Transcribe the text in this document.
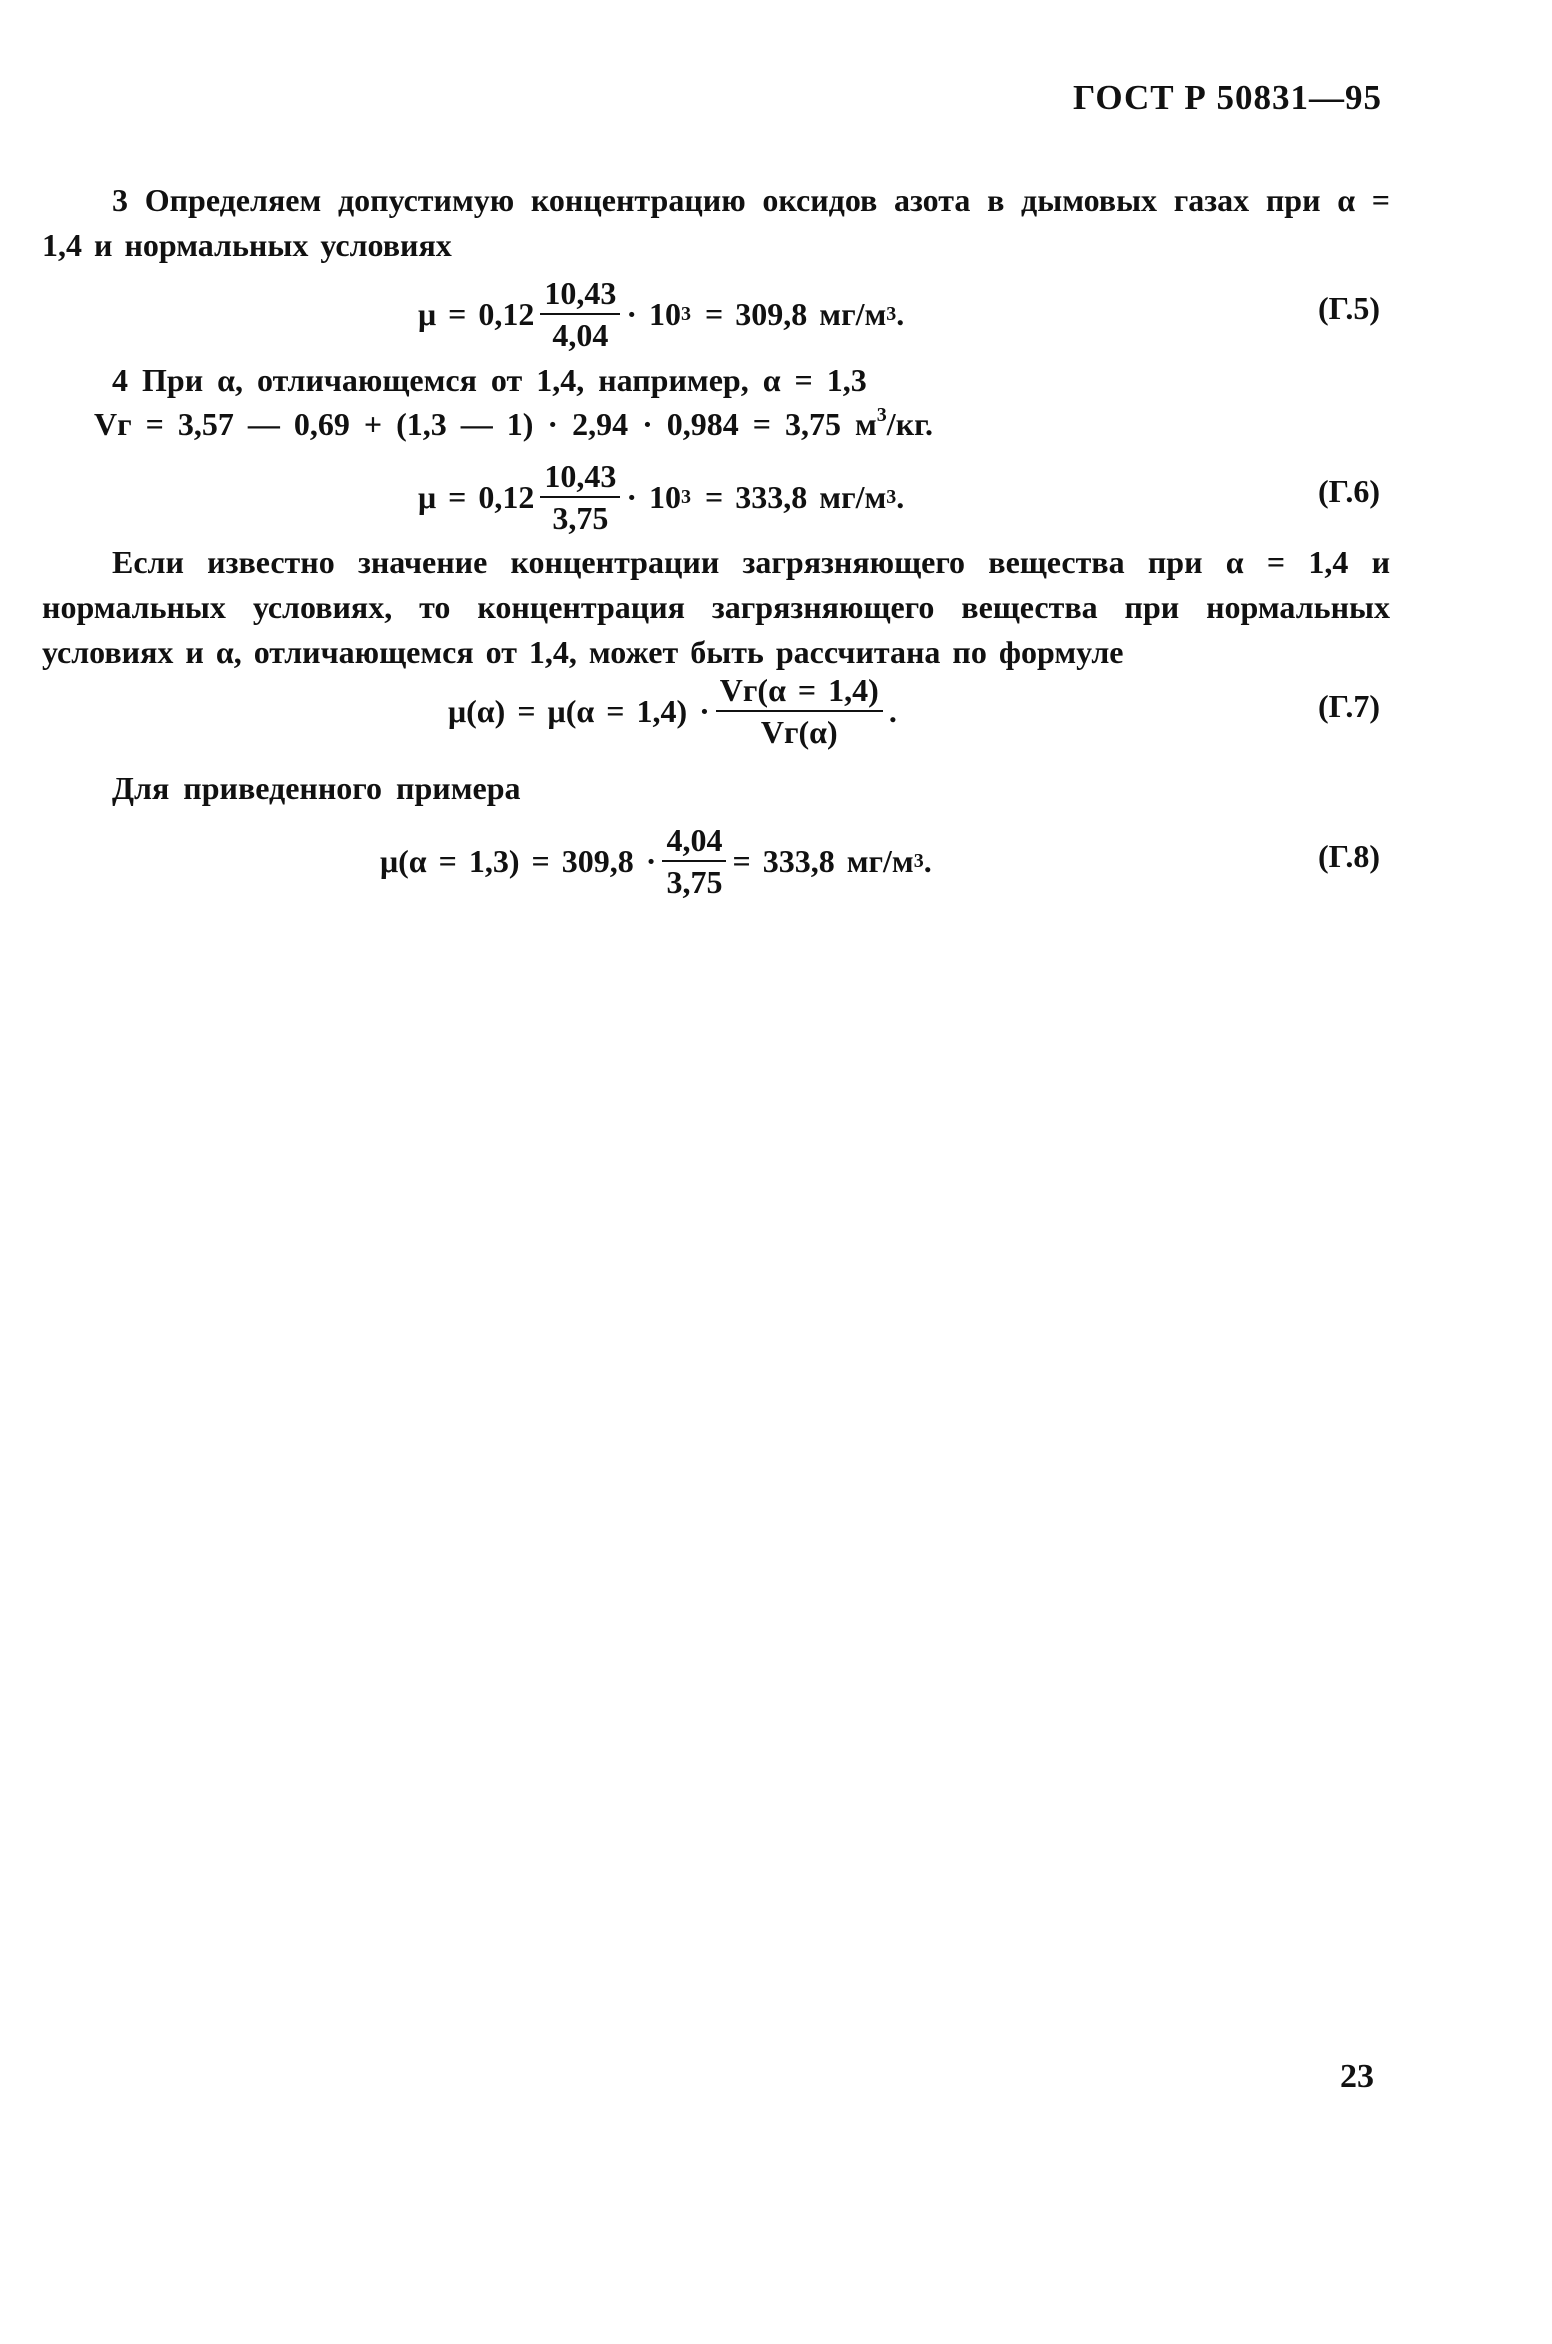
ГОСТ Р 50831—95
3 Определяем допустимую концентрацию оксидов азота в дымовых газах при α = 1,4 и нормальных условиях
$\mu = 0,12 \frac{10,43}{4,04} \cdot 10$ 3 = 309,8 мг/м 3 .	(Г.5)
4 При α, отличающемся от 1,4, например, α = 1,3
Vг = 3,57 — 0,69 + (1,3 — 1) · 2,94 · 0,984 = 3,75 $м^3/кг$.
$\mu = 0,12 \frac{10,43}{3,75} \cdot 10$ 3 = 333,8 мг/м 3 .	(Г.6)
Если известно значение концентрации загрязняющего вещества при α = 1,4 и нормальных условиях, то концентрация загрязняющего вещества при нормальных условиях и α, отличающемся от 1,4, может быть рассчитана по формуле
$\mu(\alpha) = \mu(\alpha = 1,4) \cdot \frac{Vг(\alpha = 1,4)}{Vг(\alpha)}$ .	(Г.7)
Для приведенного примера
$\mu(\alpha = 1,3) = 309,8 \cdot \frac{4,04}{3,75} = 333,8$ мг/м 3 .	(Г.8)
23
